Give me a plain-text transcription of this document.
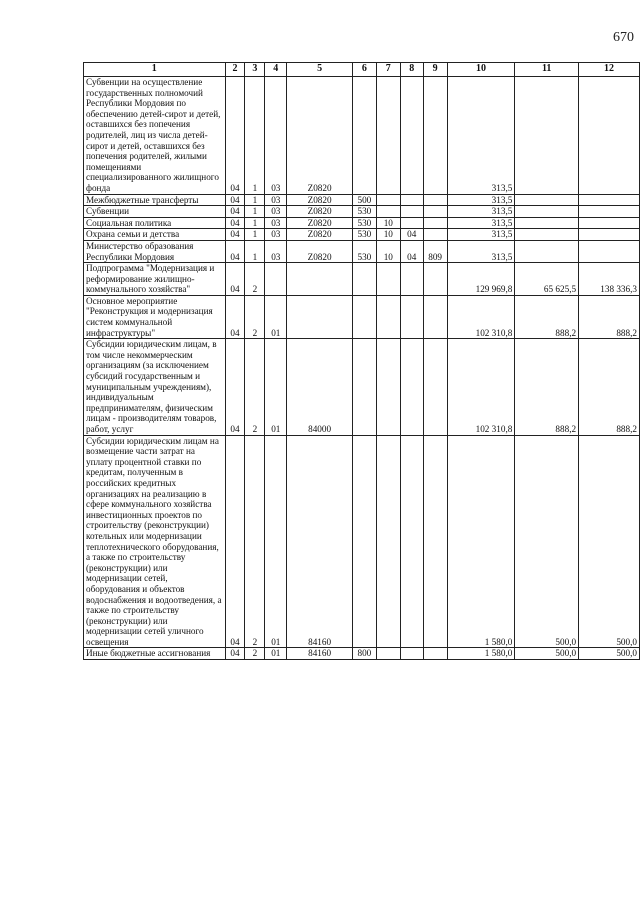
670
1	2	3	4	5	6	7	8	9	10	11	12
Субвенции на осуществление государственных полномочий Республики Мордовия по обеспечению детей-сирот и детей, оставшихся без попечения родителей, лиц из числа детей-сирот и детей, оставшихся без попечения родителей, жилыми помещениями специализированного жилищного фонда	04	1	03	Z0820					313,5		
Межбюджетные трансферты	04	1	03	Z0820	500				313,5		
Субвенции	04	1	03	Z0820	530				313,5		
Социальная политика	04	1	03	Z0820	530	10			313,5		
Охрана семьи и детства	04	1	03	Z0820	530	10	04		313,5		
Министерство образования Республики Мордовия	04	1	03	Z0820	530	10	04	809	313,5		
Подпрограмма "Модернизация и реформирование жилищно-коммунального хозяйства"	04	2							129 969,8	65 625,5	138 336,3
Основное мероприятие "Реконструкция и модернизация систем коммунальной инфраструктуры"	04	2	01						102 310,8	888,2	888,2
Субсидии юридическим лицам, в том числе некоммерческим организациям (за исключением субсидий государственным и муниципальным учреждениям), индивидуальным предпринимателям, физическим лицам - производителям товаров, работ, услуг	04	2	01	84000					102 310,8	888,2	888,2
Субсидии юридическим лицам на возмещение части затрат на уплату процентной ставки по кредитам, полученным в российских кредитных организациях на реализацию в сфере коммунального хозяйства инвестиционных проектов по строительству (реконструкции) котельных или модернизации теплотехнического оборудования, а также по строительству (реконструкции) или модернизации сетей, оборудования и объектов водоснабжения и водоотведения, а также по строительству (реконструкции) или модернизации сетей уличного освещения	04	2	01	84160					1 580,0	500,0	500,0
Иные бюджетные ассигнования	04	2	01	84160	800				1 580,0	500,0	500,0
